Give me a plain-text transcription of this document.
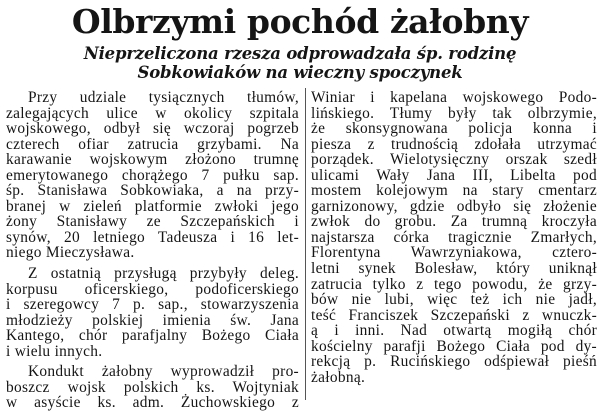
Olbrzymi pochód żałobny
Nieprzeliczona rzesza odprowadzała śp. rodzinę
Sobkowiaków na wieczny spoczynek
Przy udziale tysiącznych tłumów,
zalegających ulice w okolicy szpitala
wojskowego, odbył się wczoraj pogrzeb
czterech ofiar zatrucia grzybami. Na
karawanie wojskowym złożono trumnę
emerytowanego chorążego 7 pułku sap.
śp. Stanisława Sobkowiaka, a na przy-
branej w zieleń platformie zwłoki jego
żony Stanisławy ze Szczepańskich i
synów, 20 letniego Tadeusza i 16 let-
niego Mieczysława.
Z ostatnią przysługą przybyły deleg.
korpusu oficerskiego, podoficerskiego
i szeregowcy 7 p. sap., stowarzyszenia
młodzieży polskiej imienia św. Jana
Kantego, chór parafjalny Bożego Ciała
i wielu innych.
Kondukt żałobny wyprowadził pro-
boszcz wojsk polskich ks. Wojtyniak
w asyście ks. adm. Żuchowskiego z
Winiar i kapelana wojskowego Podo-
lińskiego. Tłumy były tak olbrzymie,
że skonsygnowana policja konna i
piesza z trudnością zdołała utrzymać
porządek. Wielotysięczny orszak szedł
ulicami Wały Jana III, Libelta pod
mostem kolejowym na stary cmentarz
garnizonowy, gdzie odbyło się złożenie
zwłok do grobu. Za trumną kroczyła
najstarsza córka tragicznie Zmarłych,
Florentyna Wawrzyniakowa, cztero-
letni synek Bolesław, który uniknął
zatrucia tylko z tego powodu, że grzy-
bów nie lubi, więc też ich nie jadł,
teść Franciszek Szczepański z wnuczk-
ą i inni. Nad otwartą mogiłą chór
kościelny parafji Bożego Ciała pod dy-
rekcją p. Rucińskiego odśpiewał pieśń
żałobną.
